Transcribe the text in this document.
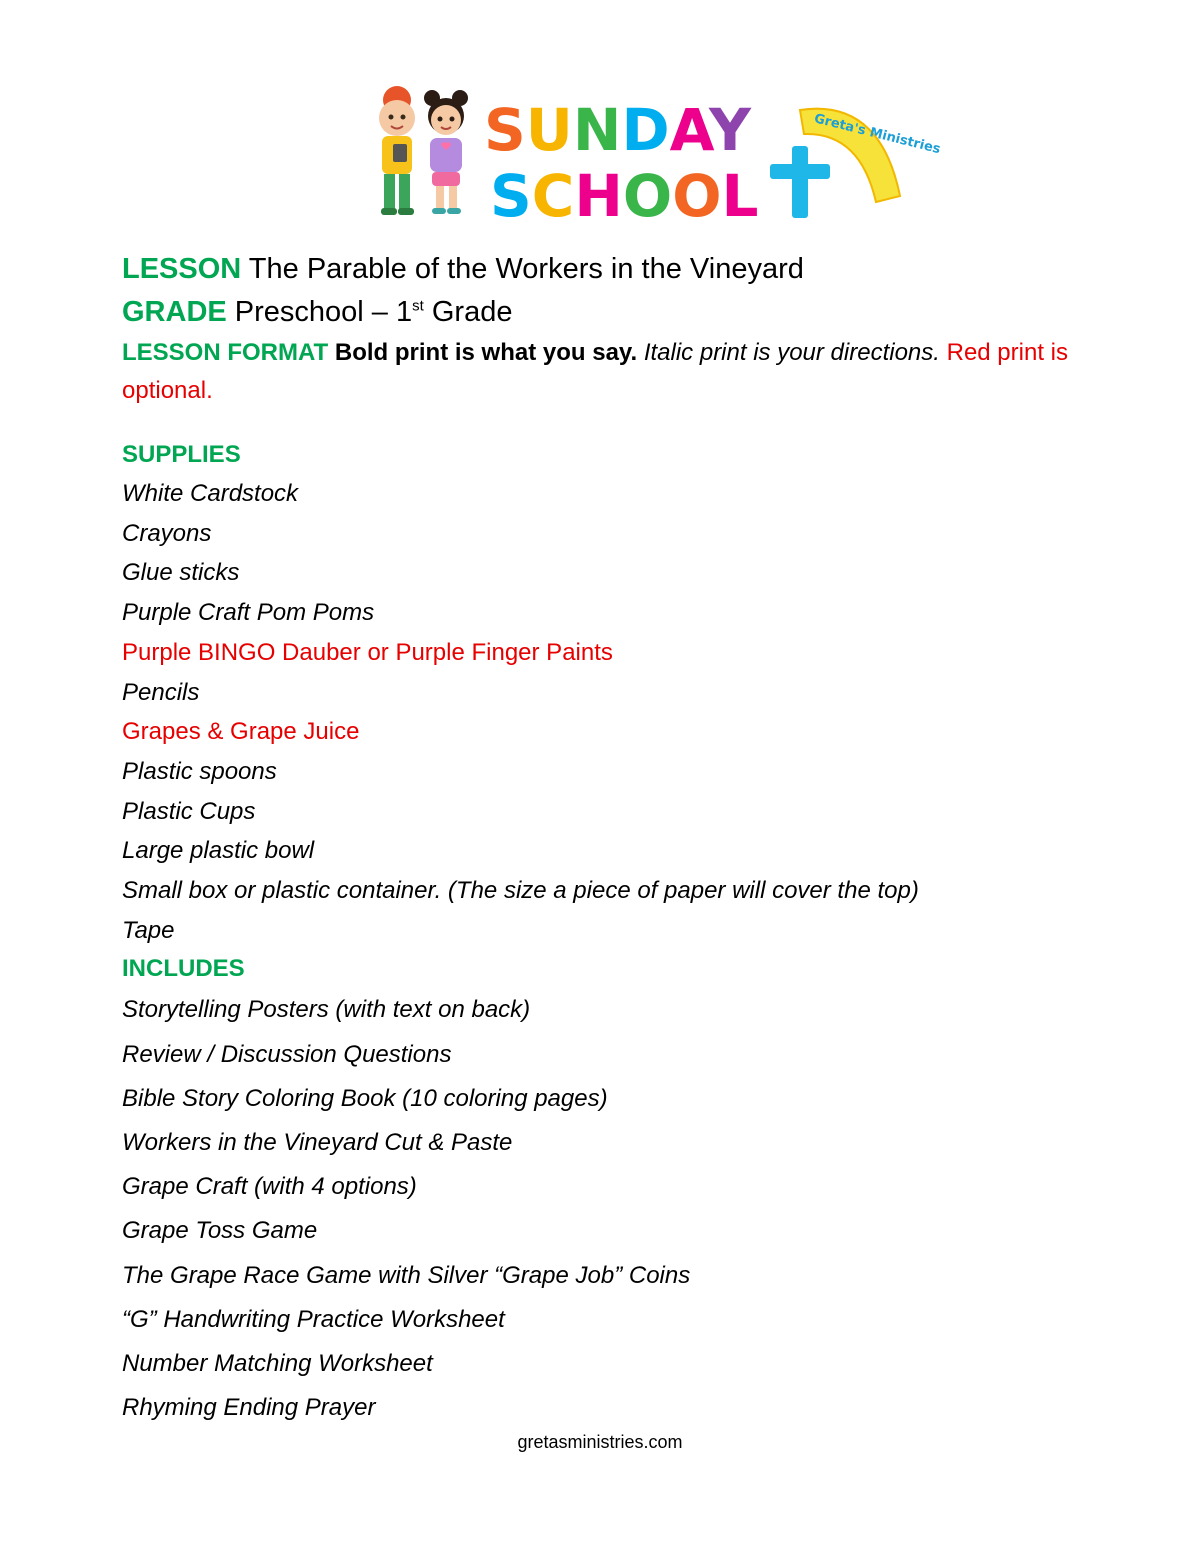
SUNDAY
SCHOOL
Greta's Ministries
LESSON The Parable of the Workers in the Vineyard
GRADE Preschool – 1st Grade
LESSON FORMAT Bold print is what you say. Italic print is your directions. Red print is optional.
SUPPLIES
White Cardstock
Crayons
Glue sticks
Purple Craft Pom Poms
Purple BINGO Dauber or Purple Finger Paints
Pencils
Grapes & Grape Juice
Plastic spoons
Plastic Cups
Large plastic bowl
Small box or plastic container. (The size a piece of paper will cover the top)
Tape
INCLUDES
Storytelling Posters (with text on back)
Review / Discussion Questions
Bible Story Coloring Book (10 coloring pages)
Workers in the Vineyard Cut & Paste
Grape Craft (with 4 options)
Grape Toss Game
The Grape Race Game with Silver “Grape Job” Coins
“G” Handwriting Practice Worksheet
Number Matching Worksheet
Rhyming Ending Prayer
gretasministries.com
